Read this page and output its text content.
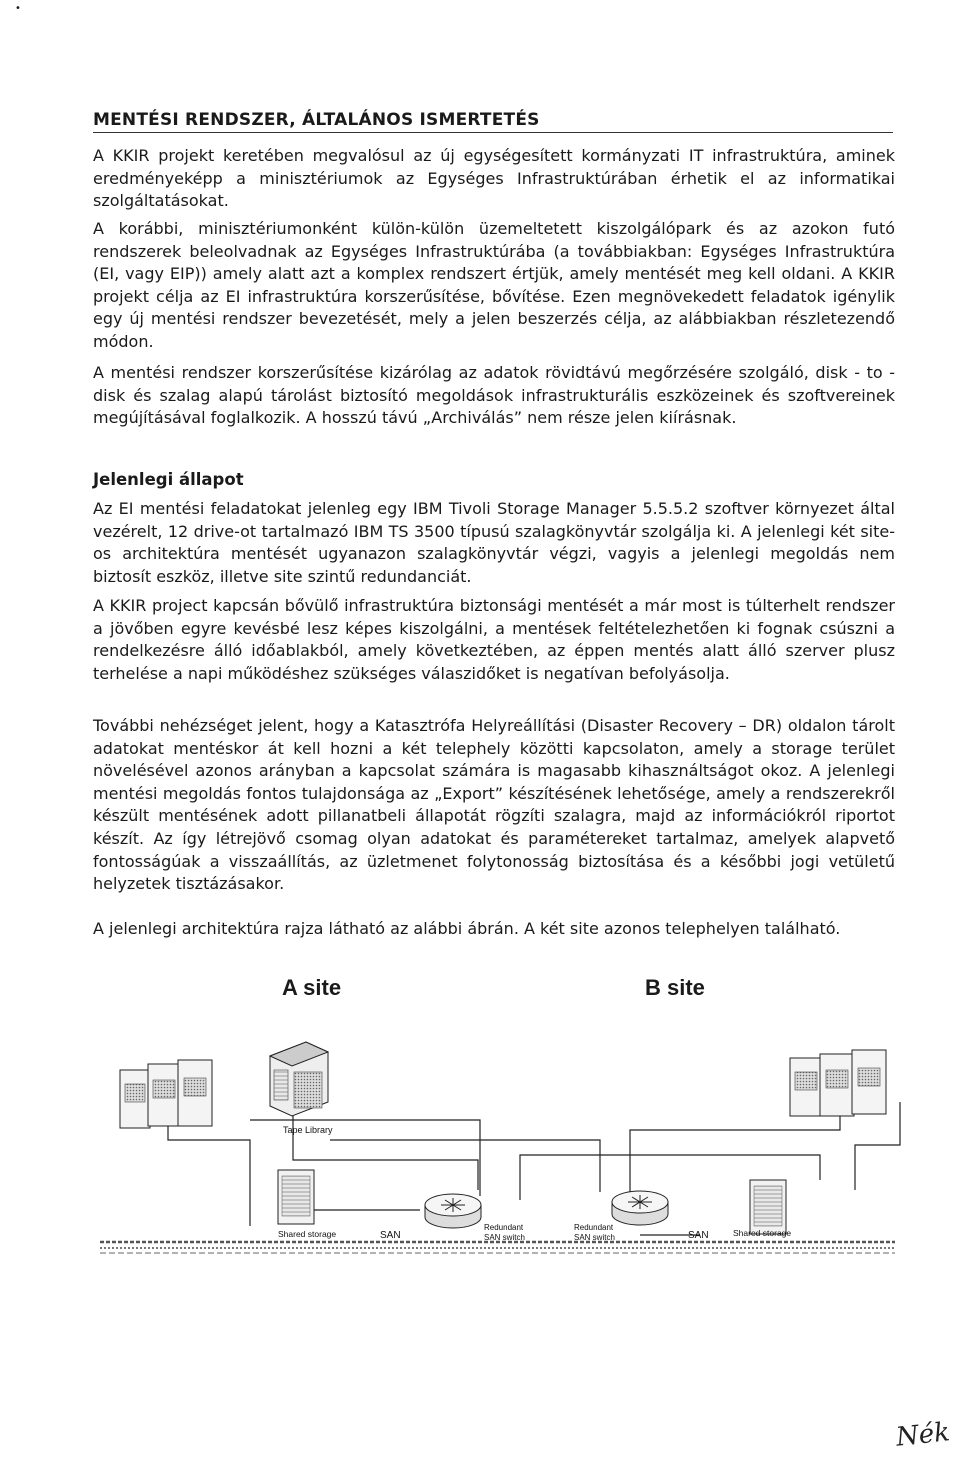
•
MENTÉSI RENDSZER, ÁLTALÁNOS ISMERTETÉS

A KKIR projekt keretében megvalósul az új egységesített kormányzati IT infrastruktúra, aminek eredményeképp a minisztériumok az Egységes Infrastruktúrában érhetik el az informatikai szolgáltatásokat.

A korábbi, minisztériumonként külön-külön üzemeltetett kiszolgálópark és az azokon futó rendszerek beleolvadnak az Egységes Infrastruktúrába (a továbbiakban: Egységes Infrastruktúra (EI, vagy EIP)) amely alatt azt a komplex rendszert értjük, amely mentését meg kell oldani. A KKIR projekt célja az EI infrastruktúra korszerűsítése, bővítése. Ezen megnövekedett feladatok igénylik egy új mentési rendszer bevezetését, mely a jelen beszerzés célja, az alábbiakban részletezendő módon.

A mentési rendszer korszerűsítése kizárólag az adatok rövidtávú megőrzésére szolgáló, disk - to - disk és szalag alapú tárolást biztosító megoldások infrastrukturális eszközeinek és szoftvereinek megújításával foglalkozik. A hosszú távú „Archiválás” nem része jelen kiírásnak.

Jelenlegi állapot

Az EI mentési feladatokat jelenleg egy IBM Tivoli Storage Manager 5.5.5.2 szoftver környezet által vezérelt, 12 drive-ot tartalmazó IBM TS 3500 típusú szalagkönyvtár szolgálja ki. A jelenlegi két site-os architektúra mentését ugyanazon szalagkönyvtár végzi, vagyis a jelenlegi megoldás nem biztosít eszköz, illetve site szintű redundanciát.

A KKIR project kapcsán bővülő infrastruktúra biztonsági mentését a már most is túlterhelt rendszer a jövőben egyre kevésbé lesz képes kiszolgálni, a mentések feltételezhetően ki fognak csúszni a rendelkezésre álló időablakból, amely következtében, az éppen mentés alatt álló szerver plusz terhelése a napi működéshez szükséges válaszidőket is negatívan befolyásolja.

További nehézséget jelent, hogy a Katasztrófa Helyreállítási (Disaster Recovery – DR) oldalon tárolt adatokat mentéskor át kell hozni a két telephely közötti kapcsolaton, amely a storage terület növelésével azonos arányban a kapcsolat számára is magasabb kihasználtságot okoz. A jelenlegi mentési megoldás fontos tulajdonsága az „Export” készítésének lehetősége, amely a rendszerekről készült mentésének adott pillanatbeli állapotát rögzíti szalagra, majd az információkról riportot készít. Az így létrejövő csomag olyan adatokat és paramétereket tartalmaz, amelyek alapvető fontosságúak a visszaállítás, az üzletmenet folytonosság biztosítása és a későbbi jogi vetületű helyzetek tisztázásakor.

A jelenlegi architektúra rajza látható az alábbi ábrán. A két site azonos telephelyen található.

A site	B site
Tape Library
Shared storage	SAN
Redundant
SAN switch
Redundant
SAN switch	Shared storage
SAN
Nék
